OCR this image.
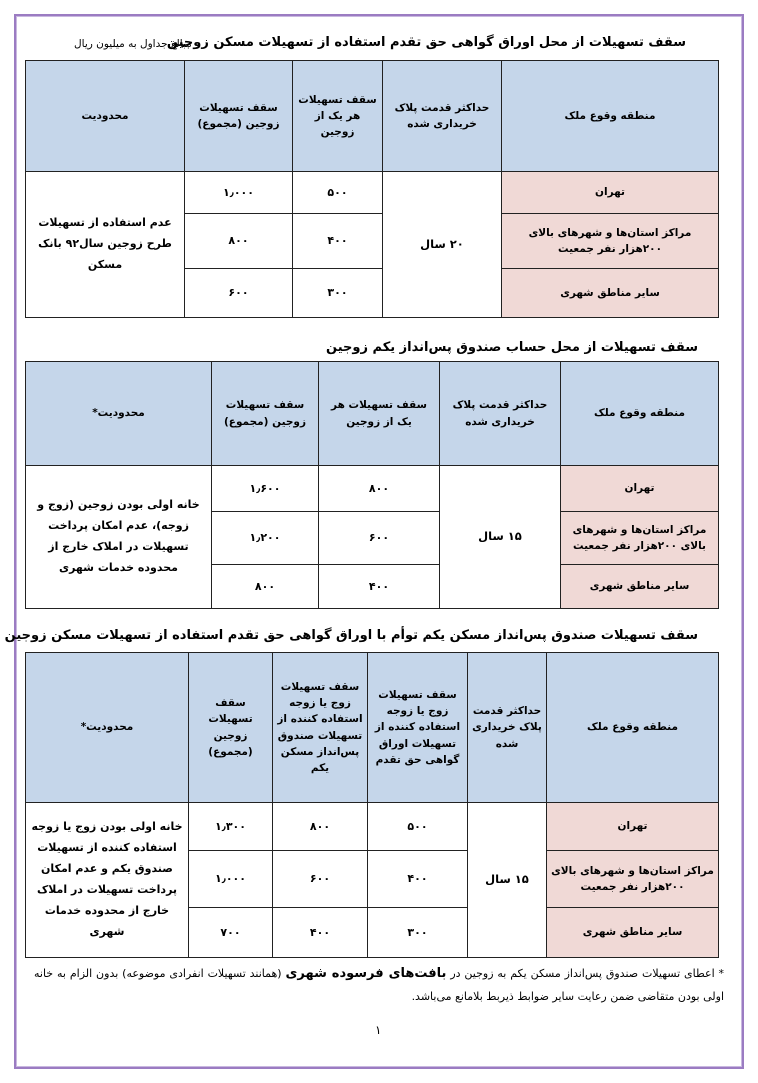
سقف تسهیلات از محل اوراق گواهی حق تقدم استفاده از تسهیلات مسکن زوجین
مبالغ جداول به میلیون ریال
منطقه وقوع ملک	حداکثر قدمت پلاک خریداری شده	سقف تسهیلات هر یک از زوجین	سقف تسهیلات زوجین (مجموع)	محدودیت
تهران	۲۰ سال	۵۰۰	۱٫۰۰۰	عدم استفاده از تسهیلات طرح زوجین سال۹۲ بانک مسکن
مراکز استان‌ها و شهرهای بالای ۲۰۰هزار نفر جمعیت		۴۰۰	۸۰۰	
سایر مناطق شهری		۳۰۰	۶۰۰	
سقف تسهیلات از محل حساب صندوق پس‌انداز یکم زوجین
منطقه وقوع ملک	حداکثر قدمت پلاک خریداری شده	سقف تسهیلات هر یک از زوجین	سقف تسهیلات زوجین (مجموع)	محدودیت*
تهران	۱۵ سال	۸۰۰	۱٫۶۰۰	خانه اولی بودن زوجین (زوج و زوجه)، عدم امکان پرداخت تسهیلات در املاک خارج از محدوده خدمات شهری
مراکز استان‌ها و شهرهای بالای ۲۰۰هزار نفر جمعیت		۶۰۰	۱٫۲۰۰	
سایر مناطق شهری		۴۰۰	۸۰۰	
سقف تسهیلات صندوق پس‌انداز مسکن یکم توأم با اوراق گواهی حق تقدم استفاده از تسهیلات مسکن زوجین
منطقه وقوع ملک	حداکثر قدمت پلاک خریداری شده	سقف تسهیلات زوج یا زوجه استفاده کننده از تسهیلات اوراق گواهی حق تقدم	سقف تسهیلات زوج یا زوجه استفاده کننده از تسهیلات صندوق پس‌انداز مسکن یکم	سقف تسهیلات زوجین (مجموع)	محدودیت*
تهران	۱۵ سال	۵۰۰	۸۰۰	۱٫۳۰۰	خانه اولی بودن زوج یا زوجه استفاده کننده از تسهیلات صندوق یکم و عدم امکان پرداخت تسهیلات در املاک خارج از محدوده خدمات شهری
مراکز استان‌ها و شهرهای بالای ۲۰۰هزار نفر جمعیت		۴۰۰	۶۰۰	۱٫۰۰۰	
سایر مناطق شهری		۳۰۰	۴۰۰	۷۰۰	
* اعطای تسهیلات صندوق پس‌انداز مسکن یکم به زوجین در بافت‌های فرسوده شهری (همانند تسهیلات انفرادی موضوعه) بدون الزام به خانه اولی بودن متقاضی ضمن رعایت سایر ضوابط ذیربط بلامانع می‌باشد.
۱
